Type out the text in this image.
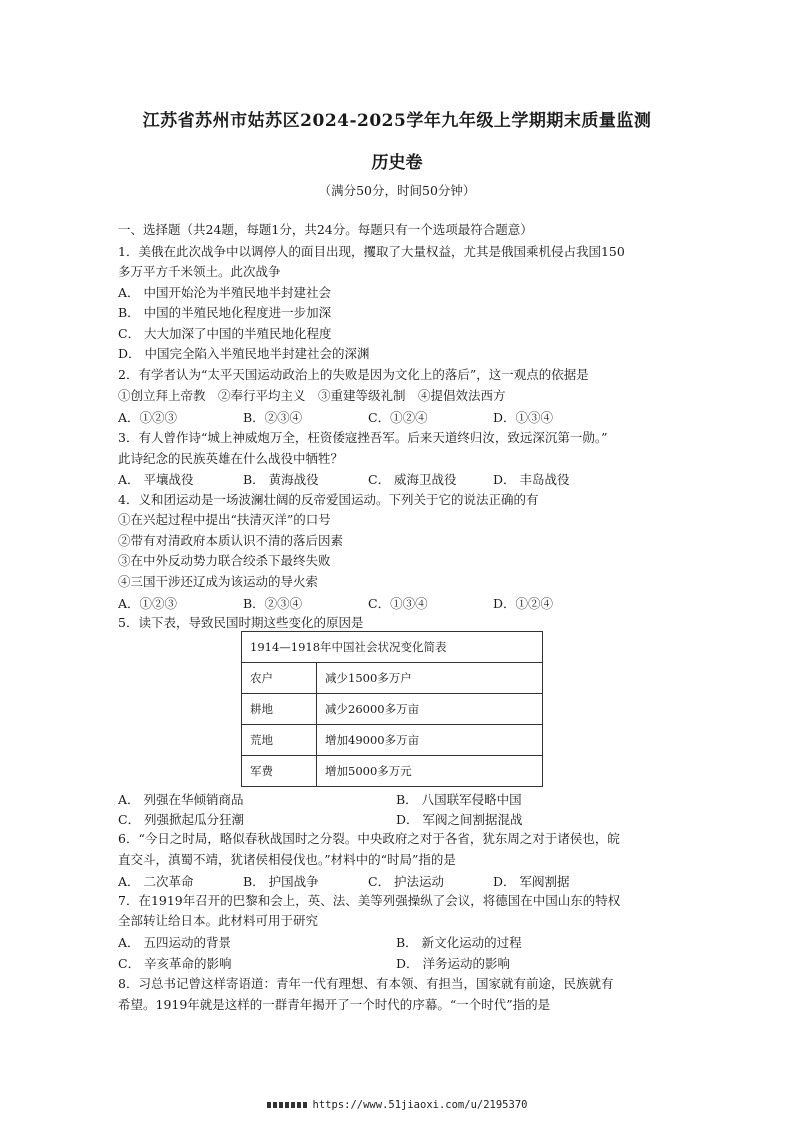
江苏省苏州市姑苏区2024-2025学年九年级上学期期末质量监测
历史卷
（满分50分，时间50分钟）
一、选择题（共24题，每题1分，共24分。每题只有一个选项最符合题意）
1．美俄在此次战争中以调停人的面目出现，攫取了大量权益，尤其是俄国乘机侵占我国150
多万平方千米领土。此次战争
A． 中国开始沦为半殖民地半封建社会
B． 中国的半殖民地化程度进一步加深
C． 大大加深了中国的半殖民地化程度
D． 中国完全陷入半殖民地半封建社会的深渊
2．有学者认为“太平天国运动政治上的失败是因为文化上的落后”，这一观点的依据是
①创立拜上帝教　②奉行平均主义　③重建等级礼制　④提倡效法西方
A．①②③	B．②③④	C．①②④	D．①③④
3．有人曾作诗“城上神威炮万全，枉资倭寇挫吾军。后来天道终归汝，致远深沉第一勋。”
此诗纪念的民族英雄在什么战役中牺牲？
A． 平壤战役	B． 黄海战役	C． 威海卫战役	D． 丰岛战役
4．义和团运动是一场波澜壮阔的反帝爱国运动。下列关于它的说法正确的有
①在兴起过程中提出“扶清灭洋”的口号
②带有对清政府本质认识不清的落后因素
③在中外反动势力联合绞杀下最终失败
④三国干涉还辽成为该运动的导火索
A．①②③	B．②③④	C．①③④	D．①②④
5．读下表，导致民国时期这些变化的原因是
1914—1918年中国社会状况变化简表	
农户	减少1500多万户
耕地	减少26000多万亩
荒地	增加49000多万亩
军费	增加5000多万元
A． 列强在华倾销商品	B． 八国联军侵略中国
C． 列强掀起瓜分狂潮	D． 军阀之间割据混战
6．“今日之时局，略似春秋战国时之分裂。中央政府之对于各省，犹东周之对于诸侯也，皖
直交斗，滇蜀不靖，犹诸侯相侵伐也。”材料中的“时局”指的是
A． 二次革命	B． 护国战争	C． 护法运动	D． 军阀割据
7．在1919年召开的巴黎和会上，英、法、美等列强操纵了会议，将德国在中国山东的特权
全部转让给日本。此材料可用于研究
A． 五四运动的背景	B． 新文化运动的过程
C． 辛亥革命的影响	D． 洋务运动的影响
8．习总书记曾这样寄语道：青年一代有理想、有本领、有担当，国家就有前途，民族就有
希望。1919年就是这样的一群青年揭开了一个时代的序幕。“一个时代”指的是
https://www.51jiaoxi.com/u/2195370
